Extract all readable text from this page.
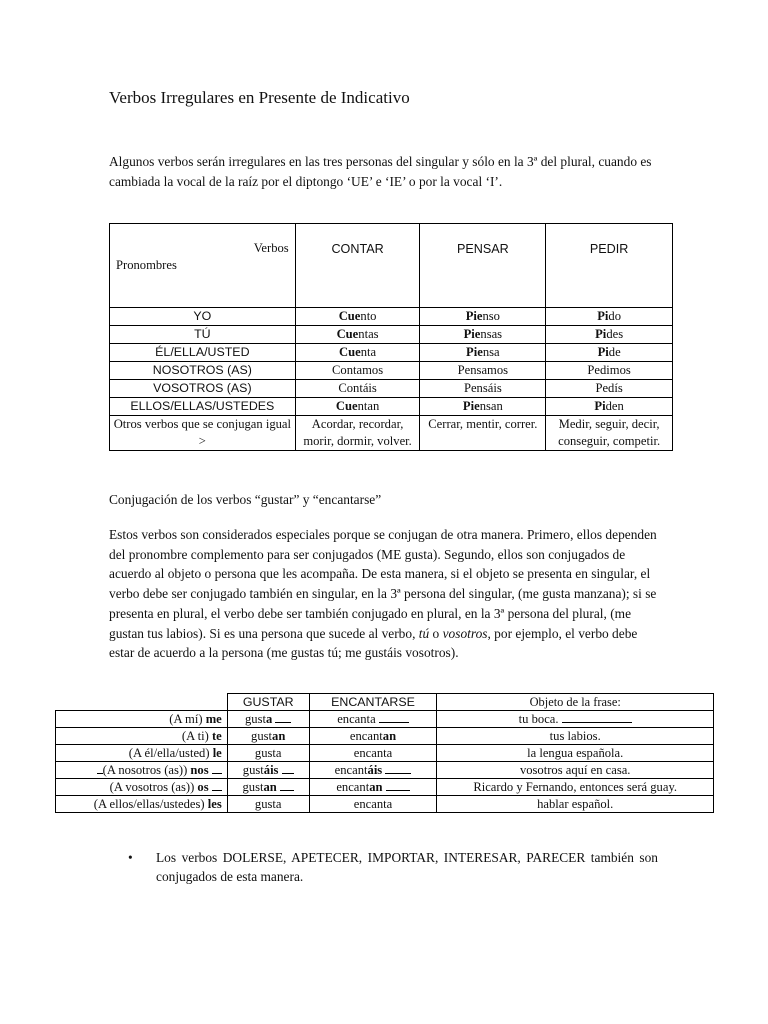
Verbos Irregulares en Presente de Indicativo
Algunos verbos serán irregulares en las tres personas del singular y sólo en la 3ª del plural, cuando es cambiada la vocal de la raíz por el diptongo ‘UE’ e ‘IE’ o por la vocal ‘I’.
Verbos
Pronombres	CONTAR	PENSAR	PEDIR
YO	Cuento	Pienso	Pido
TÚ	Cuentas	Piensas	Pides
ÉL/ELLA/USTED	Cuenta	Piensa	Pide
NOSOTROS (AS)	Contamos	Pensamos	Pedimos
VOSOTROS (AS)	Contáis	Pensáis	Pedís
ELLOS/ELLAS/USTEDES	Cuentan	Piensan	Piden
Otros verbos que se conjugan igual >	Acordar, recordar, morir, dormir, volver.	Cerrar, mentir, correr.	Medir, seguir, decir, conseguir, competir.
Conjugación de los verbos “gustar” y “encantarse”
Estos verbos son considerados especiales porque se conjugan de otra manera. Primero, ellos dependen del pronombre complemento para ser conjugados (ME gusta). Segundo, ellos son conjugados de acuerdo al objeto o persona que les acompaña. De esta manera, si el objeto se presenta en singular, el verbo debe ser conjugado también en singular, en la 3ª persona del singular, (me gusta manzana); si se presenta en plural, el verbo debe ser también conjugado en plural, en la 3ª persona del plural, (me gustan tus labios). Si es una persona que sucede al verbo, tú o vosotros, por ejemplo, el verbo debe estar de acuerdo a la persona (me gustas tú; me gustáis vosotros).
	GUSTAR	ENCANTARSE	Objeto de la frase:
(A mí) me	gusta	encanta	tu boca.
(A ti) te	gustan	encantan	tus labios.
(A él/ella/usted) le	gusta	encanta	la lengua española.
(A nosotros (as)) nos	gustáis	encantáis	vosotros aquí en casa.
(A vosotros (as)) os	gustan	encantan	Ricardo y Fernando, entonces será guay.
(A ellos/ellas/ustedes) les	gusta	encanta	hablar español.
• Los verbos DOLERSE, APETECER, IMPORTAR, INTERESAR, PARECER también son conjugados de esta manera.
